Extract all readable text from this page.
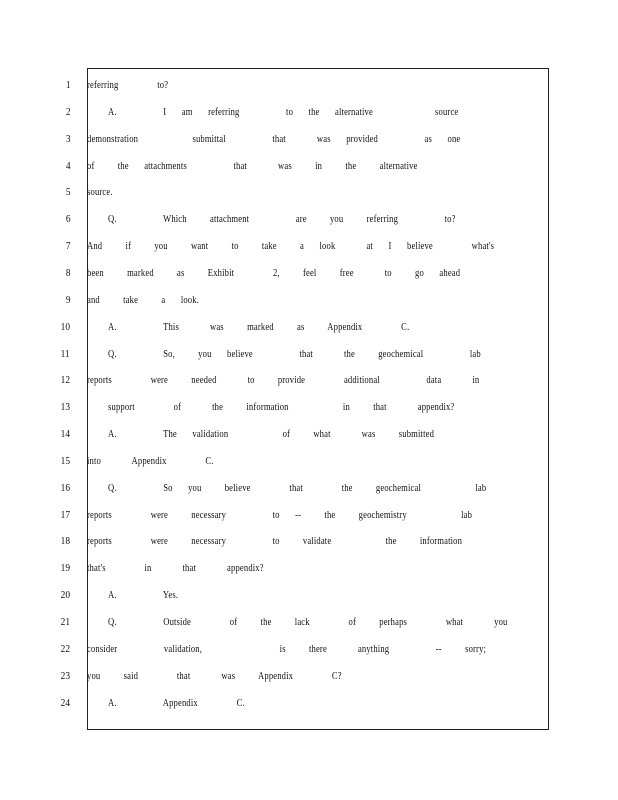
1
2
3
4
5
6
7
8
9
10
11
12
13
14
15
16
17
18
19
20
21
22
23
24
referring     to?
A.      I  am  referring      to  the  alternative        source
demonstration       submittal      that    was  provided      as  one
of   the  attachments      that    was   in   the   alternative
source.
Q.      Which   attachment      are   you   referring      to?
And   if   you   want   to   take   a  look    at  I  believe     what's
been   marked   as   Exhibit     2,   feel   free    to   go  ahead
and   take   a  look.
A.      This    was   marked   as   Appendix     C.
Q.      So,   you  believe      that    the   geochemical      lab
reports     were   needed    to   provide     additional      data    in
support     of    the   information       in   that    appendix?
A.      The  validation       of   what    was   submitted
into    Appendix     C.
Q.      So  you   believe     that     the   geochemical       lab
reports     were   necessary      to  --   the   geochemistry       lab
reports     were   necessary      to   validate       the   information
that's     in    that    appendix?
A.      Yes.
Q.      Outside     of   the   lack     of   perhaps     what    you
consider      validation,          is   there    anything      --   sorry;
you   said     that    was   Appendix     C?
A.      Appendix     C.
